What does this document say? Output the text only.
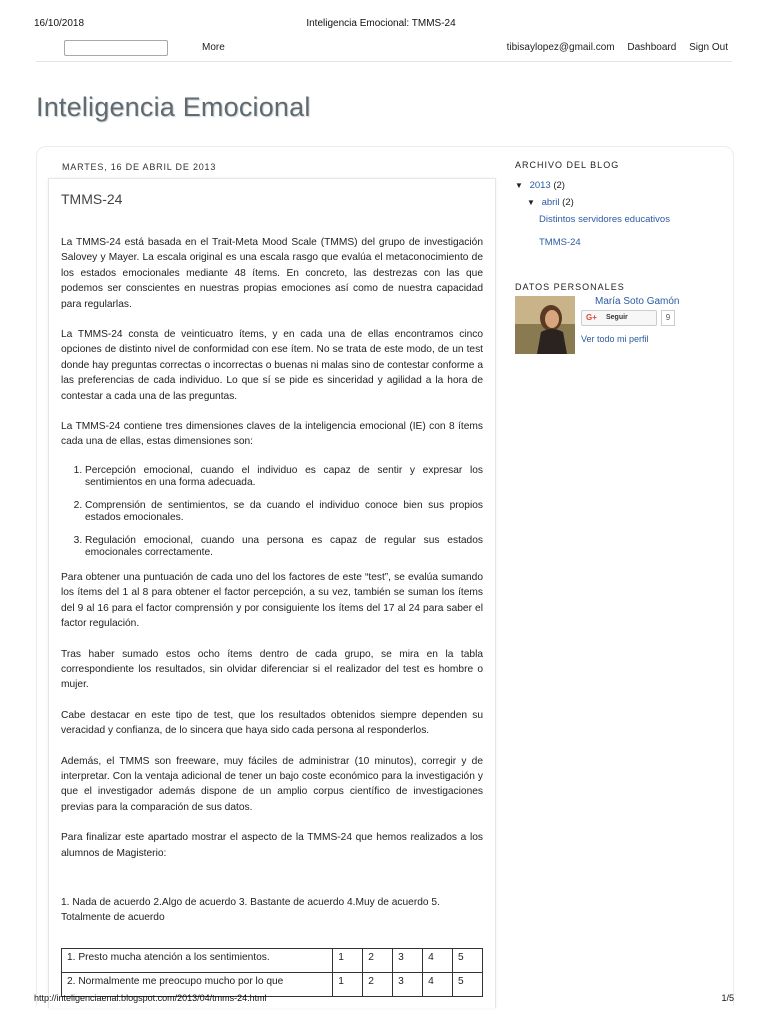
16/10/2018	Inteligencia Emocional: TMMS-24
More	tibisaylopez@gmail.com Dashboard Sign Out
Inteligencia Emocional
MARTES, 16 DE ABRIL DE 2013
TMMS-24

La TMMS-24 está basada en el Trait-Meta Mood Scale (TMMS) del grupo de investigación Salovey y Mayer. La escala original es una escala rasgo que evalúa el metaconocimiento de los estados emocionales mediante 48 ítems. En concreto, las destrezas con las que podemos ser conscientes en nuestras propias emociones así como de nuestra capacidad para regularlas.

La TMMS-24 consta de veinticuatro ítems, y en cada una de ellas encontramos cinco opciones de distinto nivel de conformidad con ese ítem. No se trata de este modo, de un test donde hay preguntas correctas o incorrectas o buenas ni malas sino de contestar conforme a las preferencias de cada individuo. Lo que sí se pide es sinceridad y agilidad a la hora de contestar a cada una de las preguntas.

La TMMS-24 contiene tres dimensiones claves de la inteligencia emocional (IE) con 8 ítems cada una de ellas, estas dimensiones son:

1. Percepción emocional, cuando el individuo es capaz de sentir y expresar los sentimientos en una forma adecuada.
2. Comprensión de sentimientos, se da cuando el individuo conoce bien sus propios estados emocionales.
3. Regulación emocional, cuando una persona es capaz de regular sus estados emocionales correctamente.

Para obtener una puntuación de cada uno del los factores de este “test”, se evalúa sumando los ítems del 1 al 8 para obtener el factor percepción, a su vez, también se suman los ítems del 9 al 16 para el factor comprensión y por consiguiente los ítems del 17 al 24 para saber el factor regulación.

Tras haber sumado estos ocho ítems dentro de cada grupo, se mira en la tabla correspondiente los resultados, sin olvidar diferenciar si el realizador del test es hombre o mujer.

Cabe destacar en este tipo de test, que los resultados obtenidos siempre dependen su veracidad y confianza, de lo sincera que haya sido cada persona al responderlos.

Además, el TMMS son freeware, muy fáciles de administrar (10 minutos), corregir y de interpretar. Con la ventaja adicional de tener un bajo coste económico para la investigación y que el investigador además dispone de un amplio corpus científico de investigaciones previas para la comparación de sus datos.

Para finalizar este apartado mostrar el aspecto de la TMMS-24 que hemos realizados a los alumnos de Magisterio:

1. Nada de acuerdo 2.Algo de acuerdo 3. Bastante de acuerdo 4.Muy de acuerdo 5. Totalmente de acuerdo

1. Presto mucha atención a los sentimientos.	1	2	3	4	5
2. Normalmente me preocupo mucho por lo que	1	2	3	4	5
ARCHIVO DEL BLOG
▼ 2013 (2)
▼ abril (2)
Distintos servidores educativos
TMMS-24
DATOS PERSONALES
María Soto Gamón
G+ Seguir	9
Ver todo mi perfil
http://inteligenciaenal.blogspot.com/2013/04/tmms-24.html	1/5
